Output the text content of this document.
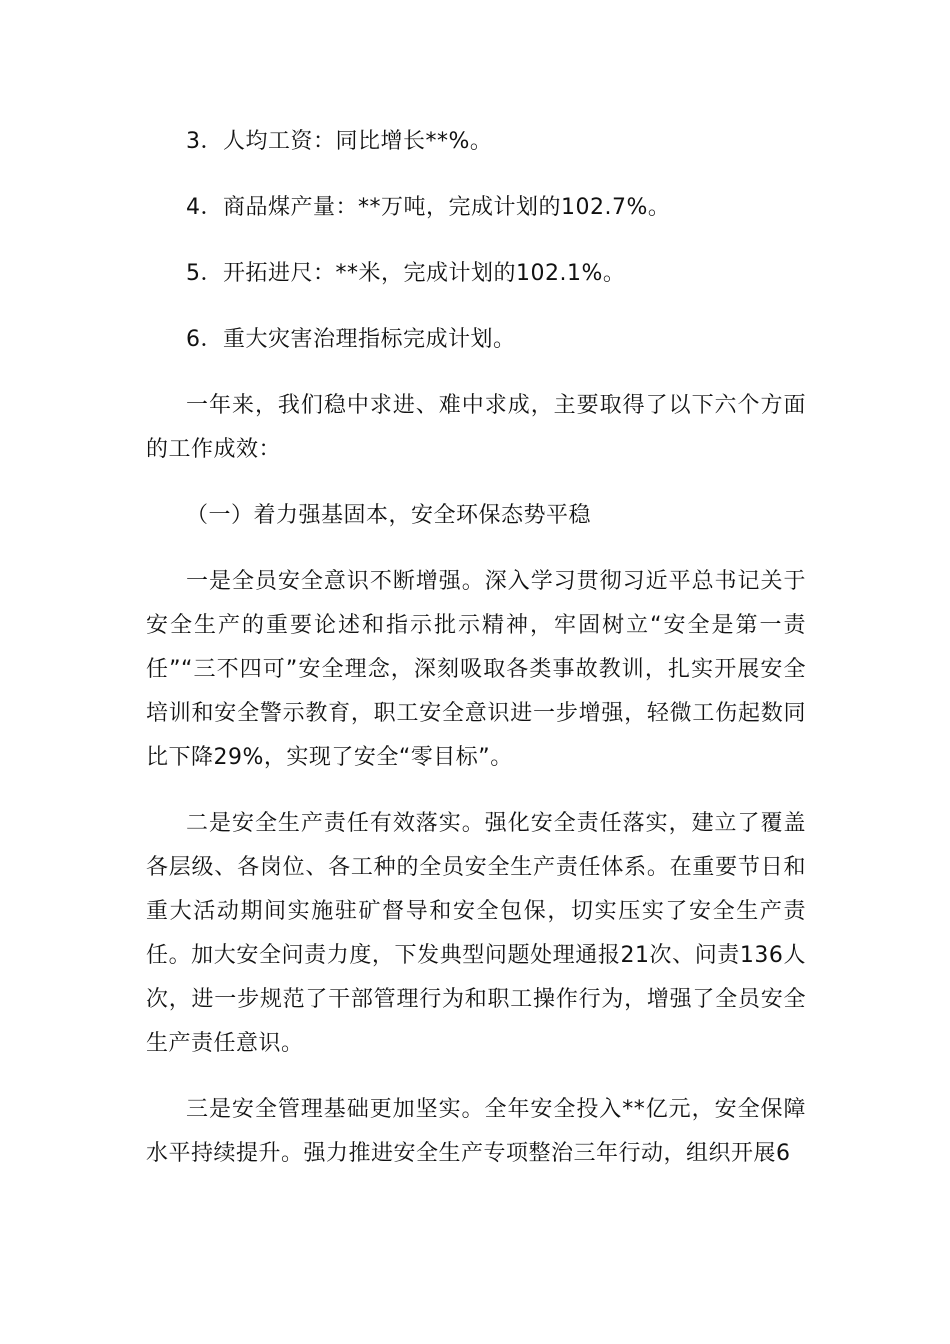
3．人均工资：同比增长**%。

4．商品煤产量：**万吨，完成计划的102.7%。

5．开拓进尺：**米，完成计划的102.1%。

6．重大灾害治理指标完成计划。

一年来，我们稳中求进、难中求成，主要取得了以下六个方面的工作成效：

（一）着力强基固本，安全环保态势平稳

一是全员安全意识不断增强。深入学习贯彻习近平总书记关于安全生产的重要论述和指示批示精神，牢固树立“安全是第一责任”“三不四可”安全理念，深刻吸取各类事故教训，扎实开展安全培训和安全警示教育，职工安全意识进一步增强，轻微工伤起数同比下降29%，实现了安全“零目标”。

二是安全生产责任有效落实。强化安全责任落实，建立了覆盖各层级、各岗位、各工种的全员安全生产责任体系。在重要节日和重大活动期间实施驻矿督导和安全包保，切实压实了安全生产责任。加大安全问责力度，下发典型问题处理通报21次、问责136人次，进一步规范了干部管理行为和职工操作行为，增强了全员安全生产责任意识。

三是安全管理基础更加坚实。全年安全投入**亿元，安全保障水平持续提升。强力推进安全生产专项整治三年行动，组织开展6
